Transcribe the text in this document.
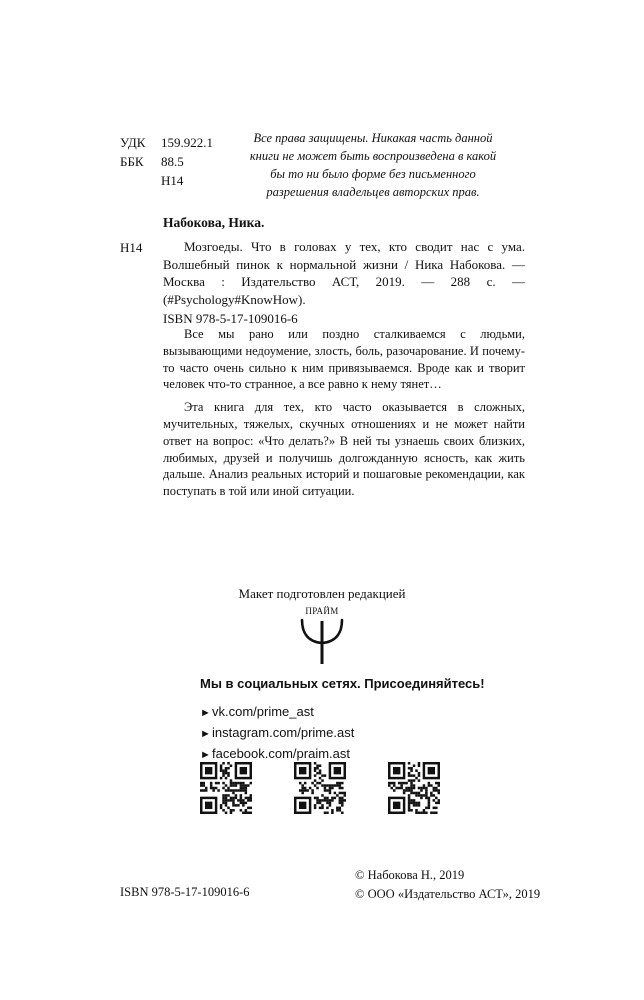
УДК	159.922.1
ББК	88.5
Н14
Все права защищены. Никакая часть данной книги не может быть воспроизведена в какой бы то ни было форме без письменного разрешения владельцев авторских прав.
Набокова, Ника.
Н14	Мозгоеды. Что в головах у тех, кто сводит нас с ума. Волшебный пинок к нормальной жизни / Ника Набокова. — Москва : Издательство АСТ, 2019. — 288 с. — (#Psychology#KnowHow).
ISBN 978-5-17-109016-6

Все мы рано или поздно сталкиваемся с людьми, вызывающими недоумение, злость, боль, разочарование. И почему-то часто очень сильно к ним привязываемся. Вроде как и творит человек что-то странное, а все равно к нему тянет…

Эта книга для тех, кто часто оказывается в сложных, мучительных, тяжелых, скучных отношениях и не может найти ответ на вопрос: «Что делать?» В ней ты узнаешь своих близких, любимых, друзей и получишь долгожданную ясность, как жить дальше. Анализ реальных историй и пошаговые рекомендации, как поступать в той или иной ситуации.

Макет подготовлен редакцией
ПРАЙМ
Мы в социальных сетях. Присоединяйтесь!
►vk.com/prime_ast
►instagram.com/prime.ast
►facebook.com/praim.ast
© Набокова Н., 2019
© ООО «Издательство АСТ», 2019
ISBN 978-5-17-109016-6
